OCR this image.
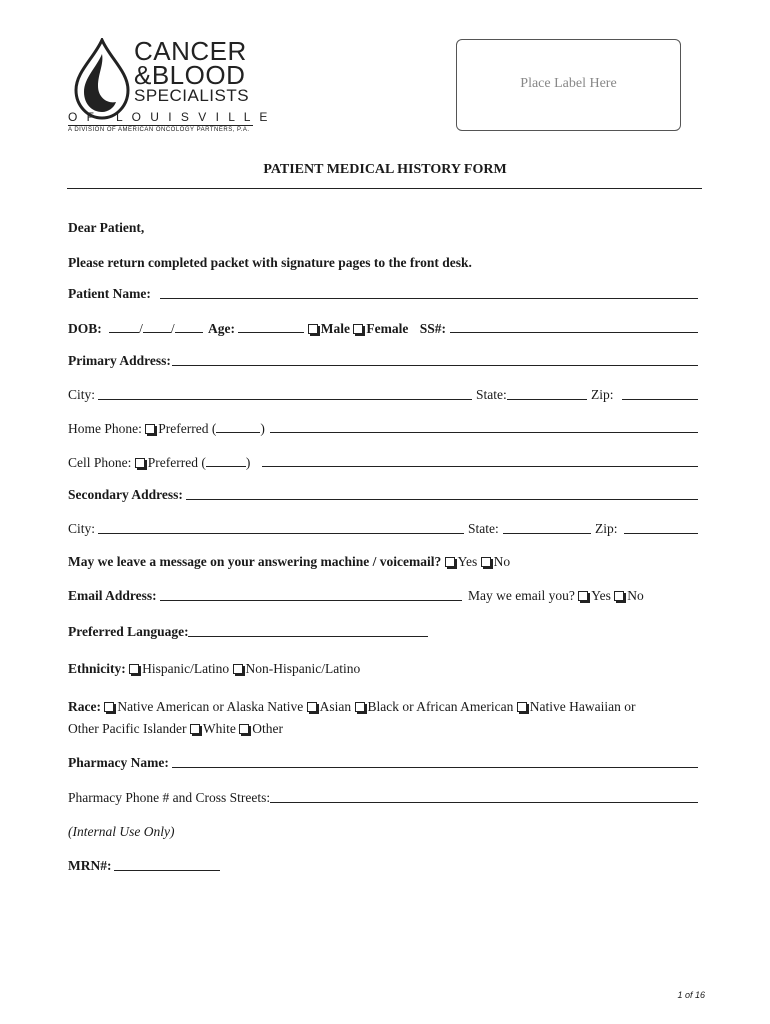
CANCER
&BLOOD
SPECIALISTS
O F   L O U I S V I L L E
A DIVISION OF AMERICAN ONCOLOGY PARTNERS, P.A.
Place Label Here
PATIENT MEDICAL HISTORY FORM
Dear Patient,
Please return completed packet with signature pages to the front desk.
Patient Name:
DOB:	/ / Age:	Male Female SS#:
Primary Address:
City:	State:	Zip:
Home Phone: Preferred (	)
Cell Phone: Preferred (	)
Secondary Address:
City:	State:	Zip:
May we leave a message on your answering machine / voicemail? Yes No
Email Address:	May we email you? Yes No
Preferred Language:
Ethnicity: Hispanic/Latino Non-Hispanic/Latino
Race: Native American or Alaska Native Asian Black or African American Native Hawaiian or
Other Pacific Islander White Other
Pharmacy Name:
Pharmacy Phone # and Cross Streets:
(Internal Use Only)
MRN#:
1 of 16
